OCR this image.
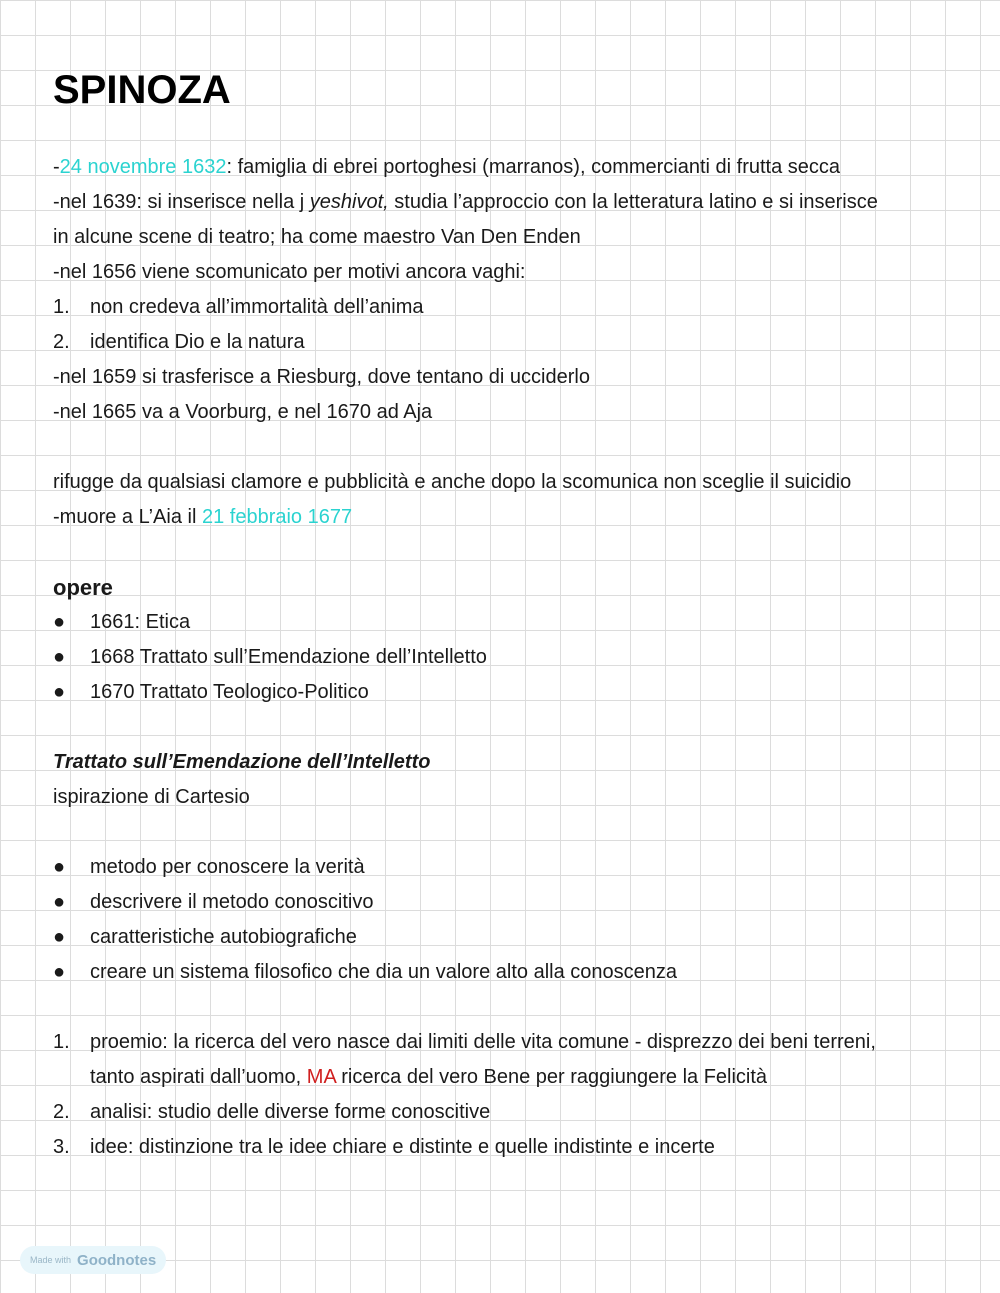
SPINOZA
-24 novembre 1632: famiglia di ebrei portoghesi (marranos), commercianti di frutta secca
-nel 1639: si inserisce nella j yeshivot, studia l’approccio con la letteratura latino e si inserisce
in alcune scene di teatro; ha come maestro Van Den Enden
-nel 1656 viene scomunicato per motivi ancora vaghi:
1.	non credeva all’immortalità dell’anima
2.	identifica Dio e la natura
-nel 1659 si trasferisce a Riesburg, dove tentano di ucciderlo
-nel 1665 va a Voorburg, e nel 1670 ad Aja
rifugge da qualsiasi clamore e pubblicità e anche dopo la scomunica non sceglie il suicidio
-muore a L’Aia il 21 febbraio 1677
opere
●	1661: Etica
●	1668 Trattato sull’Emendazione dell’Intelletto
●	1670 Trattato Teologico-Politico
Trattato sull’Emendazione dell’Intelletto
ispirazione di Cartesio
●	metodo per conoscere la verità
●	descrivere il metodo conoscitivo
●	caratteristiche autobiografiche
●	creare un sistema filosofico che dia un valore alto alla conoscenza
1.	proemio: la ricerca del vero nasce dai limiti delle vita comune - disprezzo dei beni terreni,
tanto aspirati dall’uomo, MA ricerca del vero Bene per raggiungere la Felicità
2.	analisi: studio delle diverse forme conoscitive
3.	idee: distinzione tra le idee chiare e distinte e quelle indistinte e incerte
Made with Goodnotes
